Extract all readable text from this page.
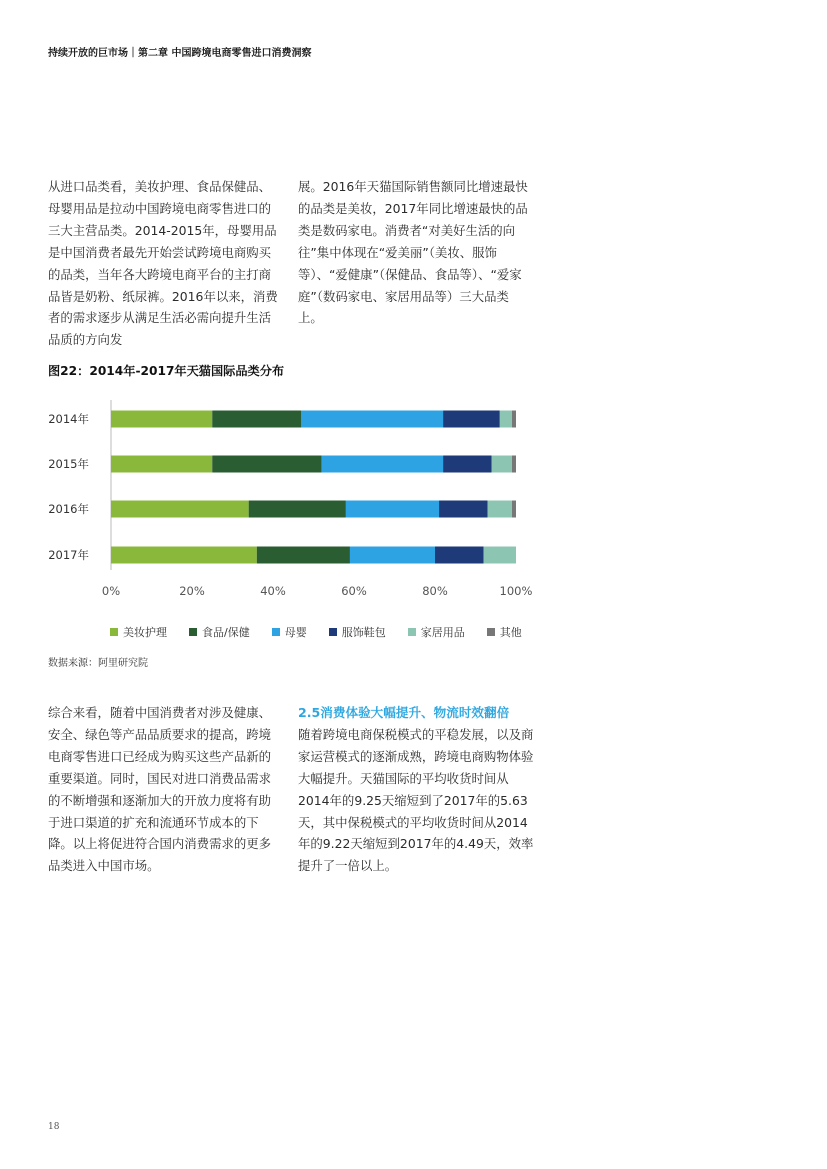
持续开放的巨市场｜第二章 中国跨境电商零售进口消费洞察

从进口品类看，美妆护理、食品保健品、母婴用品是拉动中国跨境电商零售进口的三大主营品类。2014-2015年，母婴用品是中国消费者最先开始尝试跨境电商购买的品类，当年各大跨境电商平台的主打商品皆是奶粉、纸尿裤。2016年以来，消费者的需求逐步从满足生活必需向提升生活品质的方向发

展。2016年天猫国际销售额同比增速最快的品类是美妆，2017年同比增速最快的品类是数码家电。消费者“对美好生活的向往”集中体现在“爱美丽”（美妆、服饰等）、“爱健康”（保健品、食品等）、“爱家庭”（数码家电、家居用品等）三大品类上。

图22：2014年-2017年天猫国际品类分布
2014年
2015年
2016年
2017年
0%	20%	40%	60%	80%	100%
美妆护理	食品/保健	母婴	服饰鞋包	家居用品	其他
数据来源：阿里研究院

综合来看，随着中国消费者对涉及健康、安全、绿色等产品品质要求的提高，跨境电商零售进口已经成为购买这些产品新的重要渠道。同时，国民对进口消费品需求的不断增强和逐渐加大的开放力度将有助于进口渠道的扩充和流通环节成本的下降。以上将促进符合国内消费需求的更多品类进入中国市场。

2.5消费体验大幅提升、物流时效翻倍

随着跨境电商保税模式的平稳发展，以及商家运营模式的逐渐成熟，跨境电商购物体验大幅提升。天猫国际的平均收货时间从2014年的9.25天缩短到了2017年的5.63天，其中保税模式的平均收货时间从2014年的9.22天缩短到2017年的4.49天，效率提升了一倍以上。

18
